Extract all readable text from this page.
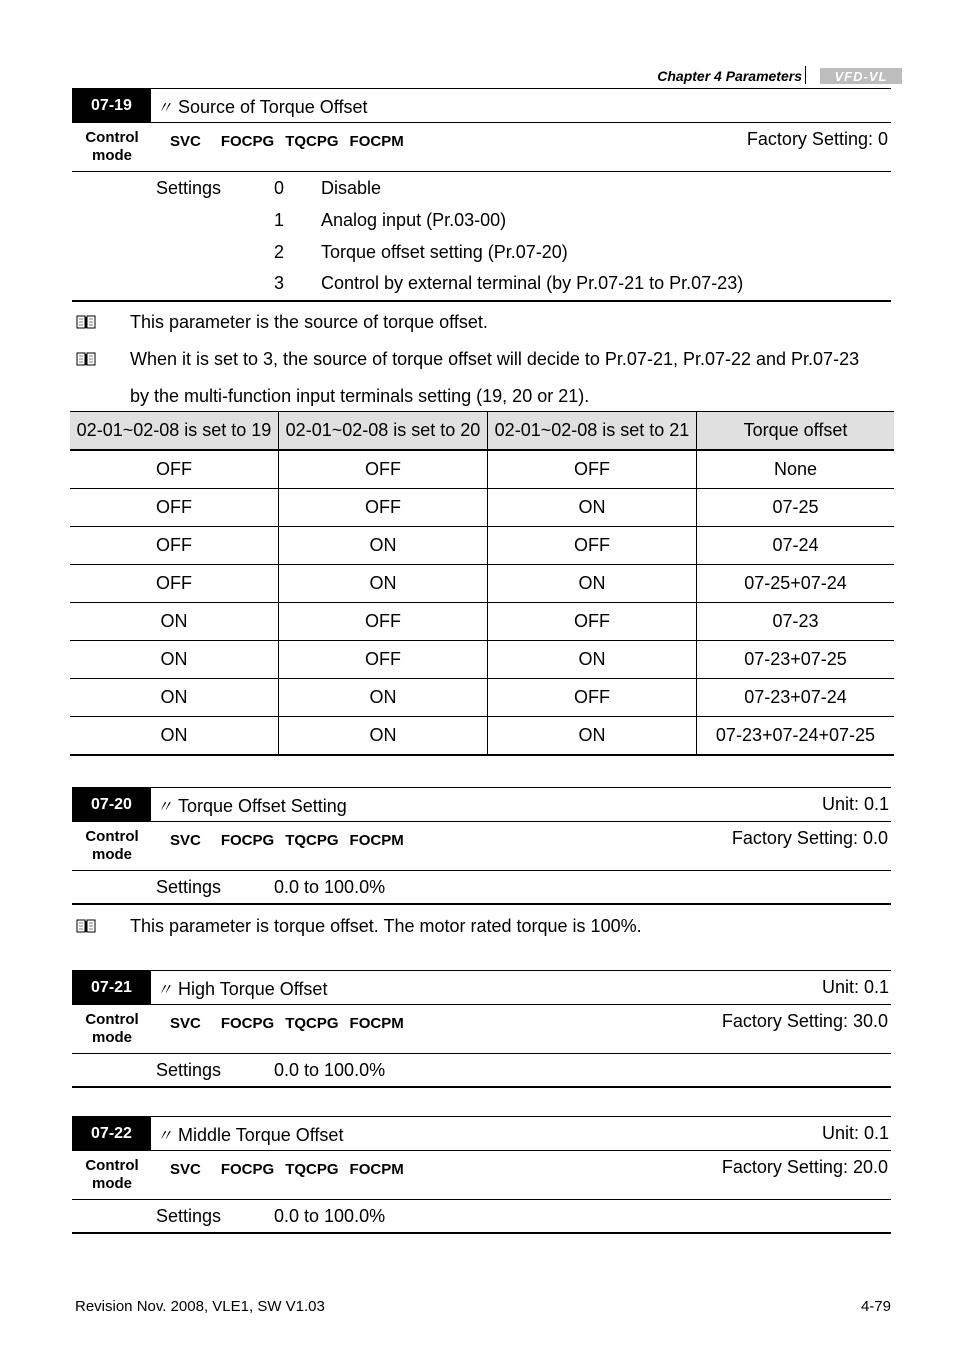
Chapter 4 Parameters	VFD-VL
07-19	〃 Source of Torque Offset
Control mode
SVC FOCPG TQCPG FOCPM	Factory Setting: 0
Settings	0 Disable
1 Analog input (Pr.03-00)
2 Torque offset setting (Pr.07-20)
3 Control by external terminal (by Pr.07-21 to Pr.07-23)
This parameter is the source of torque offset.
When it is set to 3, the source of torque offset will decide to Pr.07-21, Pr.07-22 and Pr.07-23
by the multi-function input terminals setting (19, 20 or 21).
02-01~02-08 is set to 19	02-01~02-08 is set to 20	02-01~02-08 is set to 21	Torque offset
OFF	OFF	OFF	None
OFF	OFF	ON	07-25
OFF	ON	OFF	07-24
OFF	ON	ON	07-25+07-24
ON	OFF	OFF	07-23
ON	OFF	ON	07-23+07-25
ON	ON	OFF	07-23+07-24
ON	ON	ON	07-23+07-24+07-25
07-20	〃 Torque Offset Setting	Unit: 0.1
Control mode
SVC FOCPG TQCPG FOCPM	Factory Setting: 0.0
Settings	0.0 to 100.0%
This parameter is torque offset. The motor rated torque is 100%.
07-21	〃 High Torque Offset	Unit: 0.1
Control mode
SVC FOCPG TQCPG FOCPM	Factory Setting: 30.0
Settings	0.0 to 100.0%
07-22	〃 Middle Torque Offset	Unit: 0.1
Control mode
SVC FOCPG TQCPG FOCPM	Factory Setting: 20.0
Settings	0.0 to 100.0%
Revision Nov. 2008, VLE1, SW V1.03	4-79
